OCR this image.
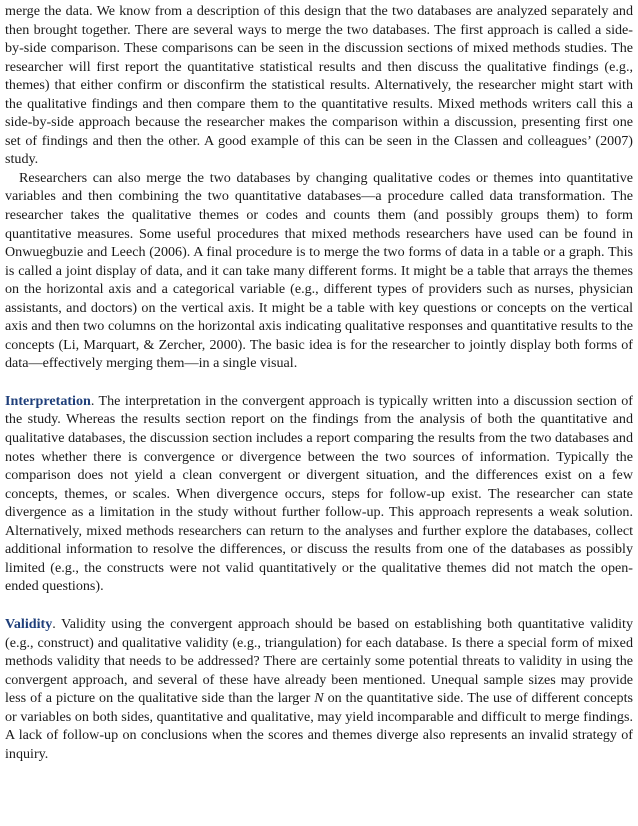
merge the data. We know from a description of this design that the two databases are analyzed separately and then brought together. There are several ways to merge the two databases. The first approach is called a side-by-side comparison. These comparisons can be seen in the discussion sections of mixed methods studies. The researcher will first report the quantitative statistical results and then discuss the qualitative findings (e.g., themes) that either confirm or disconfirm the statistical results. Alternatively, the researcher might start with the qualitative findings and then compare them to the quantitative results. Mixed methods writers call this a side-by-side approach because the researcher makes the comparison within a discussion, presenting first one set of findings and then the other. A good example of this can be seen in the Classen and colleagues’ (2007) study.

Researchers can also merge the two databases by changing qualitative codes or themes into quantitative variables and then combining the two quantitative databases—a procedure called data transformation. The researcher takes the qualitative themes or codes and counts them (and possibly groups them) to form quantitative measures. Some useful procedures that mixed methods researchers have used can be found in Onwuegbuzie and Leech (2006). A final procedure is to merge the two forms of data in a table or a graph. This is called a joint display of data, and it can take many different forms. It might be a table that arrays the themes on the horizontal axis and a categorical variable (e.g., different types of providers such as nurses, physician assistants, and doctors) on the vertical axis. It might be a table with key questions or concepts on the vertical axis and then two columns on the horizontal axis indicating qualitative responses and quantitative results to the concepts (Li, Marquart, & Zercher, 2000). The basic idea is for the researcher to jointly display both forms of data—effectively merging them—in a single visual.

Interpretation. The interpretation in the convergent approach is typically written into a discussion section of the study. Whereas the results section report on the findings from the analysis of both the quantitative and qualitative databases, the discussion section includes a report comparing the results from the two databases and notes whether there is convergence or divergence between the two sources of information. Typically the comparison does not yield a clean convergent or divergent situation, and the differences exist on a few concepts, themes, or scales. When divergence occurs, steps for follow-up exist. The researcher can state divergence as a limitation in the study without further follow-up. This approach represents a weak solution. Alternatively, mixed methods researchers can return to the analyses and further explore the databases, collect additional information to resolve the differences, or discuss the results from one of the databases as possibly limited (e.g., the constructs were not valid quantitatively or the qualitative themes did not match the open-ended questions).

Validity. Validity using the convergent approach should be based on establishing both quantitative validity (e.g., construct) and qualitative validity (e.g., triangulation) for each database. Is there a special form of mixed methods validity that needs to be addressed? There are certainly some potential threats to validity in using the convergent approach, and several of these have already been mentioned. Unequal sample sizes may provide less of a picture on the qualitative side than the larger N on the quantitative side. The use of different concepts or variables on both sides, quantitative and qualitative, may yield incomparable and difficult to merge findings. A lack of follow-up on conclusions when the scores and themes diverge also represents an invalid strategy of inquiry.
